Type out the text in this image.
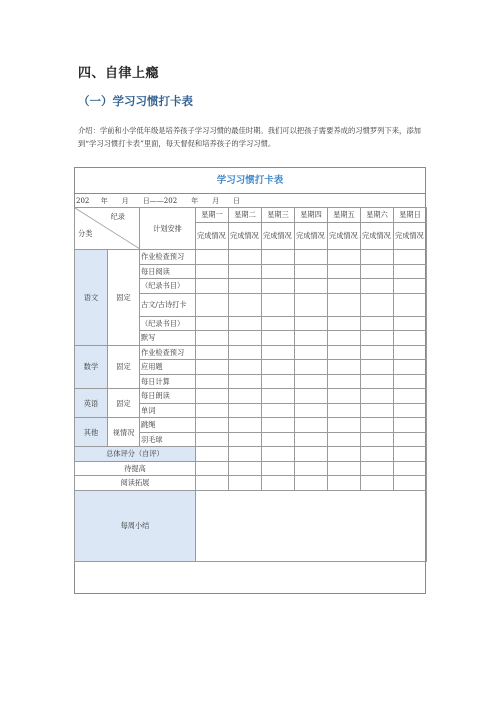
四、自律上瘾
（一）学习习惯打卡表
介绍：学前和小学低年级是培养孩子学习习惯的最佳时期。我们可以把孩子需要养成的习惯罗列下来，添加到“学习习惯打卡表”里面，每天督促和培养孩子的学习习惯。
学习习惯打卡表
202 　 年　　月　　日——202　　年　　月　　日
纪录
分类		计划安排	星期一	星期二	星期三	星期四	星期五	星期六	星期日
			完成情况	完成情况	完成情况	完成情况	完成情况	完成情况	完成情况
语文	固定	作业检查预习							
		每日阅读							
		（纪录书目）							
		古文/古诗打卡							
		（纪录书目）							
		默写							
数学	固定	作业检查预习							
		应用题							
		每日计算							
英语	固定	每日朗读							
		单词							
其他	视情况	跳绳							
		羽毛球							
总体评分（自评）									
待提高									
阅读拓展									
每周小结									
